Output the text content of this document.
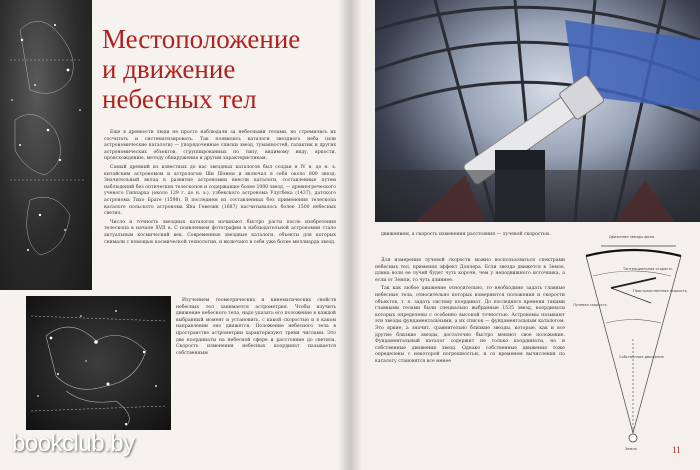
Местоположение
и движение
небесных тел

Еще в древности люди не просто наблюдали за небесными телами, но стремились их сосчитать и систематизировать. Так появились каталоги звездного неба (или астрономические каталоги) — упорядоченные списки звезд, туманностей, галактик и других астрономических объектов, сгруппированных по типу, видимому виду, яркости, происхождению, методу обнаружения и другим характеристикам.

Самый древний из известных до нас звездных каталогов был создан в IV в. до н. э. китайским астрономом и астрологом Ши Шэнем и включал в себя около 800 звезд. Значительный вклад в развитие астрономии внесли каталоги, составленные путем наблюдений без оптических телескопов и содержащие более 1000 звезд, — древнегреческого ученого Гиппарха (около 129 г. до н. э.), узбекского астронома Улугбека (1437), датского астронома Тихо Браге (1598). В последнем из составленных без применения телескопа каталоге польского астронома Яна Гевелия (1687) насчитывалось более 1500 небесных светил.

Число и точность звездных каталогов начинают быстро расти после изобретения телескопа в начале XVII в. С появлением фотографии в наблюдательной астрономии стало актуальным космический век. Современные звездные каталоги, объекты для которых снимали с помощью космической технологии, и включают в себя уже более миллиарда звезд.

Изучением геометрических и кинематических свойств небесных тел занимается астрометрия. Чтобы изучить движение небесного тела, надо указать его положение в каждой выбранный момент и установить, с какой скоростью и в каком направлении оно движется. Положение небесного тела в пространстве астрометрии характеризуют тремя числами. Это две координаты на небесной сфере и расстояние до светила. Скорость изменения небесных координат называется собственным

движением, а скорость изменения расстояния — лучевой скоростью.

Для измерения лучевой скорости можно воспользоваться спектрами небесных тел, применяя эффект Доплера. Если звезда движется к Земле, длина волн ее лучей будет чуть короче, чем у неподвижного источника, а если от Земли, то чуть длиннее.

Так как любое движение относительно, то необходимо задать главные небесные тела, относительно которых измеряются положения и скорости объектов, т. е. задать систему координат. До последнего времени такими главными телами были специально выбранные 1535 звезд, координаты которых определены с особенно высокой точностью. Астрономы называют эти звезды фундаментальными, а их список — фундаментальным каталогом. Это яркие, а значит, сравнительно близкие звезды, которые, как и все другие близкие звезды, достаточно быстро меняют свое положение. Фундаментальный каталог содержит не только координаты, но и собственные движения звезд. Однако собственные движения тоже определены с некоторой погрешностью, и со временем вычисления по каталогу становятся все менее

Движение звезды фона
Тангенциальная скорость
Пространственная скорость
Лучевая скорость
Собственное движение
Земля	11
bookclub.by
